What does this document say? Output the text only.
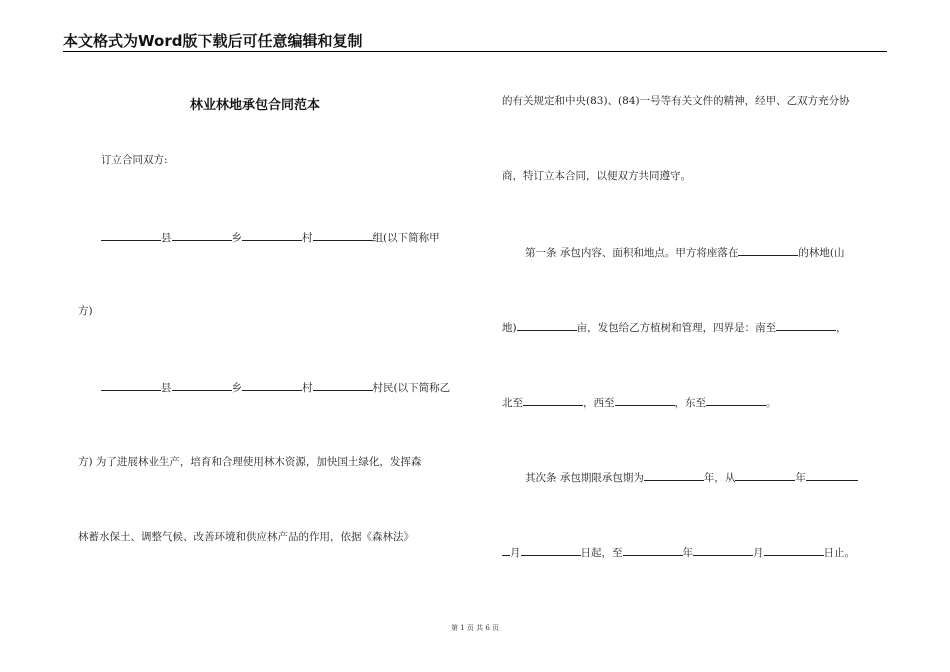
本文格式为Word版下载后可任意编辑和复制
林业林地承包合同范本
订立合同双方:
县	乡	村	组(以下简称甲
方)
县	乡	村	村民(以下简称乙
方) 为了进展林业生产，培育和合理使用林木资源，加快国土绿化，发挥森
林蓄水保土、调整气候、改善环境和供应林产品的作用，依据《森林法》
的有关规定和中央(83)、(84)一号等有关文件的精神，经甲、乙双方充分协
商，特订立本合同，以便双方共同遵守。
第一条 承包内容、面积和地点。甲方将座落在	的林地(山
地)	亩，发包给乙方植树和管理，四界是：南至	，
北至	，西至	，东至	。
其次条 承包期限承包期为	年，从	年
月	日起，至	年	月	日止。
第 1 页 共 6 页
